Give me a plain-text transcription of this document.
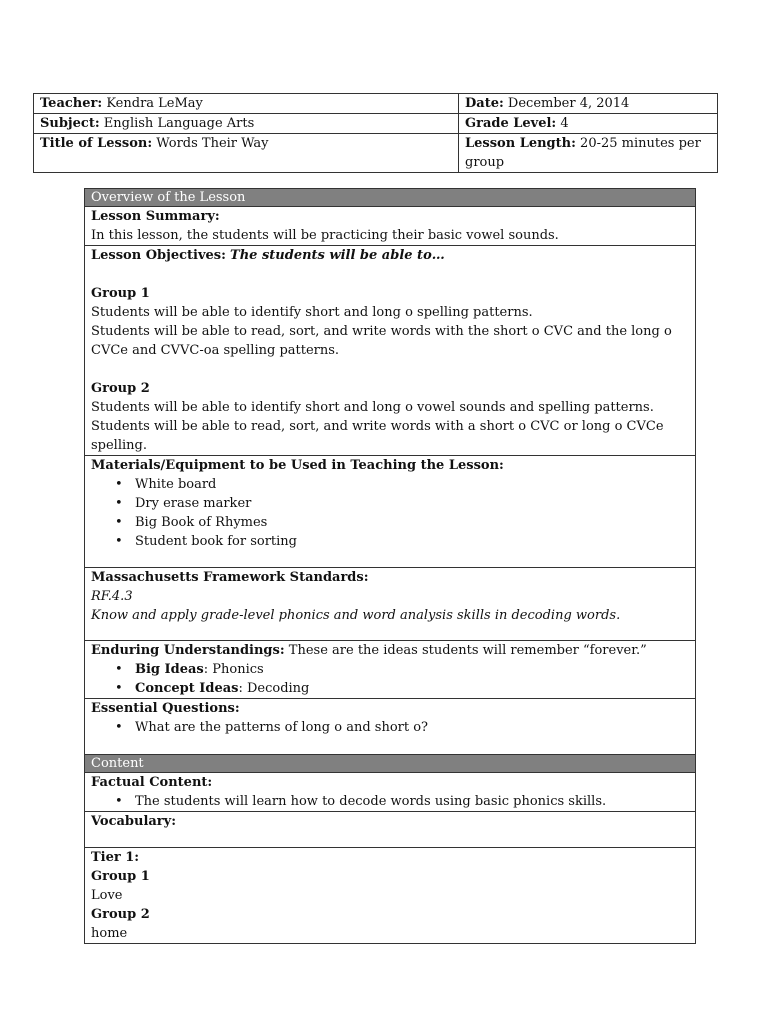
Teacher: Kendra LeMay	Date: December 4, 2014
Subject: English Language Arts	Grade Level: 4
Title of Lesson: Words Their Way	Lesson Length: 20-25 minutes per group
Overview of the Lesson

Lesson Summary:
In this lesson, the students will be practicing their basic vowel sounds.

Lesson Objectives: The students will be able to…
Group 1
Students will be able to identify short and long o spelling patterns.
Students will be able to read, sort, and write words with the short o CVC and the long o CVCe and CVVC-oa spelling patterns.
Group 2
Students will be able to identify short and long o vowel sounds and spelling patterns.
Students will be able to read, sort, and write words with a short o CVC or long o CVCe spelling.

Materials/Equipment to be Used in Teaching the Lesson:
• White board
• Dry erase marker
• Big Book of Rhymes
• Student book for sorting

Massachusetts Framework Standards:
RF.4.3
Know and apply grade-level phonics and word analysis skills in decoding words.

Enduring Understandings: These are the ideas students will remember “forever.”
• Big Ideas: Phonics
• Concept Ideas: Decoding

Essential Questions:
• What are the patterns of long o and short o?

Content

Factual Content:
• The students will learn how to decode words using basic phonics skills.

Vocabulary:

Tier 1:
Group 1
Love
Group 2
home
